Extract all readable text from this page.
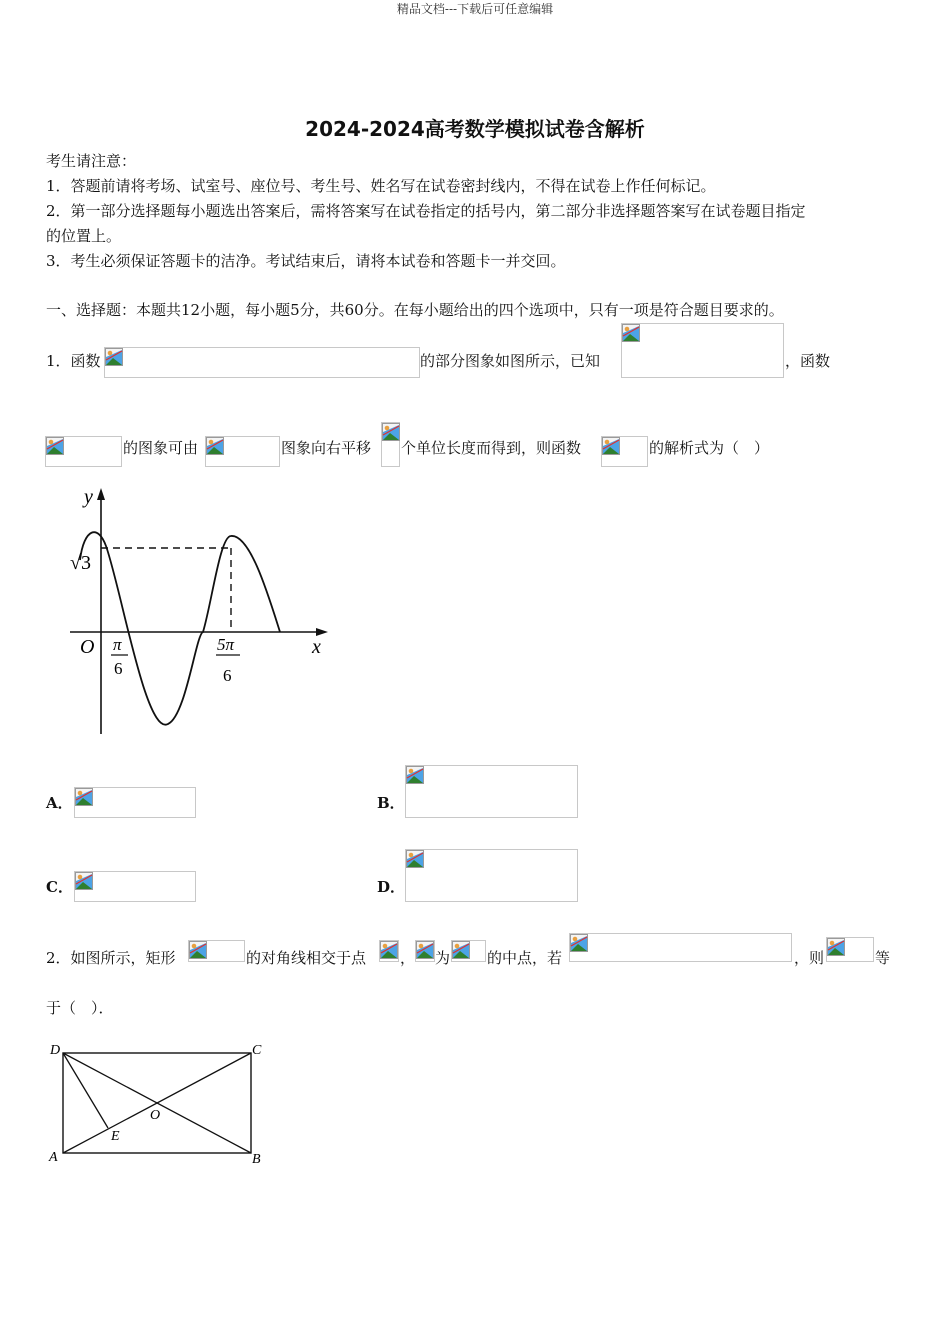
精品文档---下载后可任意编辑
2024-2024高考数学模拟试卷含解析
考生请注意：
1．答题前请将考场、试室号、座位号、考生号、姓名写在试卷密封线内，不得在试卷上作任何标记。
2．第一部分选择题每小题选出答案后，需将答案写在试卷指定的括号内，第二部分非选择题答案写在试卷题目指定
的位置上。
3．考生必须保证答题卡的洁净。考试结束后，请将本试卷和答题卡一并交回。
一、选择题：本题共12小题，每小题5分，共60分。在每小题给出的四个选项中，只有一项是符合题目要求的。
1．函数	的部分图象如图所示，已知	，函数
的图象可由	图象向右平移 个单位长度而得到，则函数	的解析式为（　）
y
x
O
√3
π
6
5π
6
A．	B．
C．	D．
2．如图所示，矩形	的对角线相交于点 ， 为 的中点，若	，则	等
于（　）．
D	C
A	B
O
E
